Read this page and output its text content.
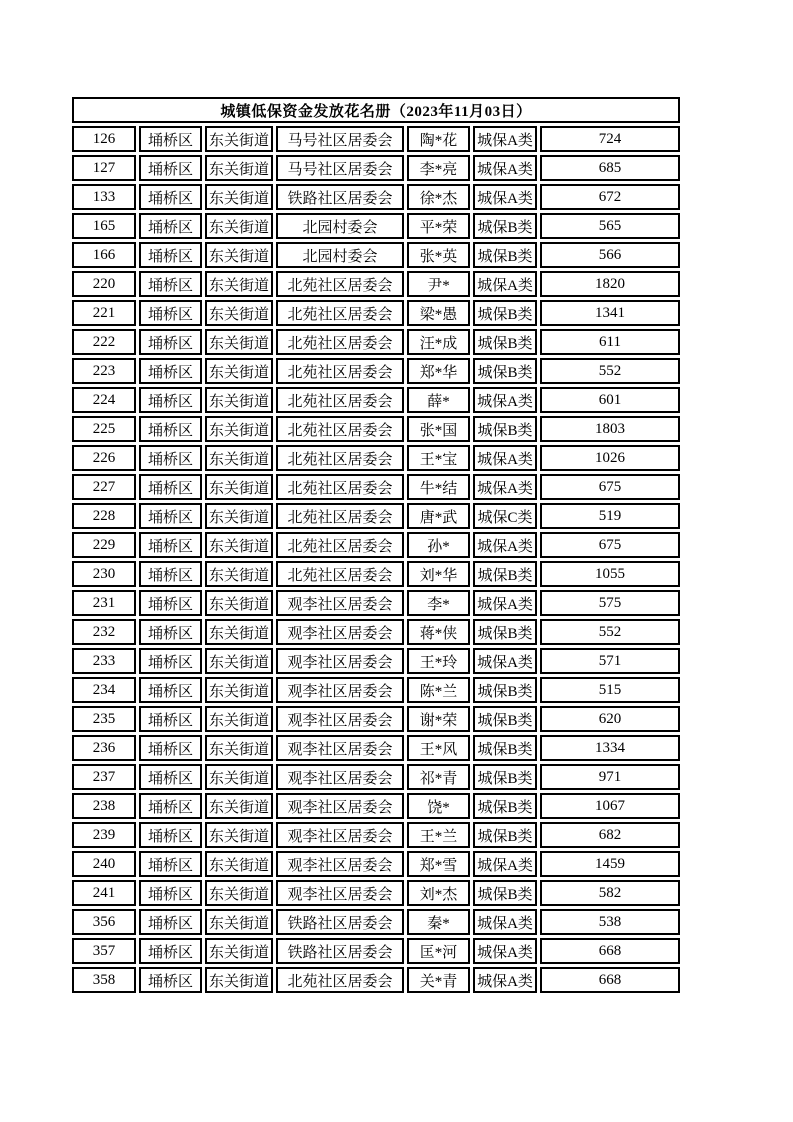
城镇低保资金发放花名册（2023年11月03日）						
126	埇桥区	东关街道	马号社区居委会	陶*花	城保A类	724
127	埇桥区	东关街道	马号社区居委会	李*亮	城保A类	685
133	埇桥区	东关街道	铁路社区居委会	徐*杰	城保A类	672
165	埇桥区	东关街道	北园村委会	平*荣	城保B类	565
166	埇桥区	东关街道	北园村委会	张*英	城保B类	566
220	埇桥区	东关街道	北苑社区居委会	尹*	城保A类	1820
221	埇桥区	东关街道	北苑社区居委会	梁*愚	城保B类	1341
222	埇桥区	东关街道	北苑社区居委会	汪*成	城保B类	611
223	埇桥区	东关街道	北苑社区居委会	郑*华	城保B类	552
224	埇桥区	东关街道	北苑社区居委会	薛*	城保A类	601
225	埇桥区	东关街道	北苑社区居委会	张*国	城保B类	1803
226	埇桥区	东关街道	北苑社区居委会	王*宝	城保A类	1026
227	埇桥区	东关街道	北苑社区居委会	牛*结	城保A类	675
228	埇桥区	东关街道	北苑社区居委会	唐*武	城保C类	519
229	埇桥区	东关街道	北苑社区居委会	孙*	城保A类	675
230	埇桥区	东关街道	北苑社区居委会	刘*华	城保B类	1055
231	埇桥区	东关街道	观李社区居委会	李*	城保A类	575
232	埇桥区	东关街道	观李社区居委会	蒋*侠	城保B类	552
233	埇桥区	东关街道	观李社区居委会	王*玲	城保A类	571
234	埇桥区	东关街道	观李社区居委会	陈*兰	城保B类	515
235	埇桥区	东关街道	观李社区居委会	谢*荣	城保B类	620
236	埇桥区	东关街道	观李社区居委会	王*风	城保B类	1334
237	埇桥区	东关街道	观李社区居委会	祁*青	城保B类	971
238	埇桥区	东关街道	观李社区居委会	饶*	城保B类	1067
239	埇桥区	东关街道	观李社区居委会	王*兰	城保B类	682
240	埇桥区	东关街道	观李社区居委会	郑*雪	城保A类	1459
241	埇桥区	东关街道	观李社区居委会	刘*杰	城保B类	582
356	埇桥区	东关街道	铁路社区居委会	秦*	城保A类	538
357	埇桥区	东关街道	铁路社区居委会	匡*河	城保A类	668
358	埇桥区	东关街道	北苑社区居委会	关*青	城保A类	668
